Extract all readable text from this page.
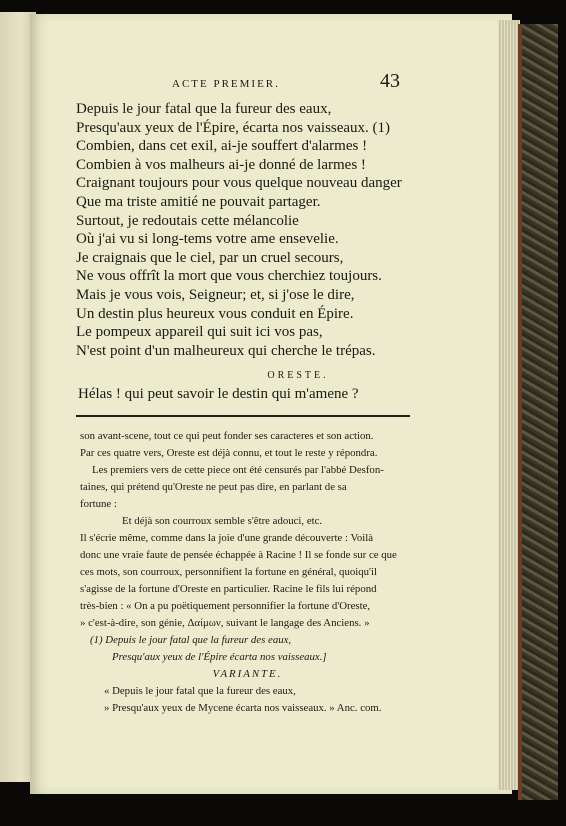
ACTE PREMIER.	43
Depuis le jour fatal que la fureur des eaux,
Presqu'aux yeux de l'Épire, écarta nos vaisseaux. (1)
Combien, dans cet exil, ai-je souffert d'alarmes !
Combien à vos malheurs ai-je donné de larmes !
Craignant toujours pour vous quelque nouveau danger
Que ma triste amitié ne pouvait partager.
Surtout, je redoutais cette mélancolie
Où j'ai vu si long-tems votre ame ensevelie.
Je craignais que le ciel, par un cruel secours,
Ne vous offrît la mort que vous cherchiez toujours.
Mais je vous vois, Seigneur; et, si j'ose le dire,
Un destin plus heureux vous conduit en Épire.
Le pompeux appareil qui suit ici vos pas,
N'est point d'un malheureux qui cherche le trépas.
ORESTE.
Hélas ! qui peut savoir le destin qui m'amene ?
son avant-scene, tout ce qui peut fonder ses caracteres et son action.
Par ces quatre vers, Oreste est déjà connu, et tout le reste y répondra.
Les premiers vers de cette piece ont été censurés par l'abbé Desfon-
taines, qui prétend qu'Oreste ne peut pas dire, en parlant de sa
fortune :
Et déjà son courroux semble s'être adouci, etc.
Il s'écrie même, comme dans la joie d'une grande découverte : Voilà
donc une vraie faute de pensée échappée à Racine ! Il se fonde sur ce que
ces mots, son courroux, personnifient la fortune en général, quoiqu'il
s'agisse de la fortune d'Oreste en particulier. Racine le fils lui répond
très-bien : « On a pu poëtiquement personnifier la fortune d'Oreste,
» c'est-à-dire, son génie, Δαίμων, suivant le langage des Anciens. »
(1) Depuis le jour fatal que la fureur des eaux,
Presqu'aux yeux de l'Épire écarta nos vaisseaux.]
VARIANTE.
« Depuis le jour fatal que la fureur des eaux,
» Presqu'aux yeux de Mycene écarta nos vaisseaux. » Anc. com.
